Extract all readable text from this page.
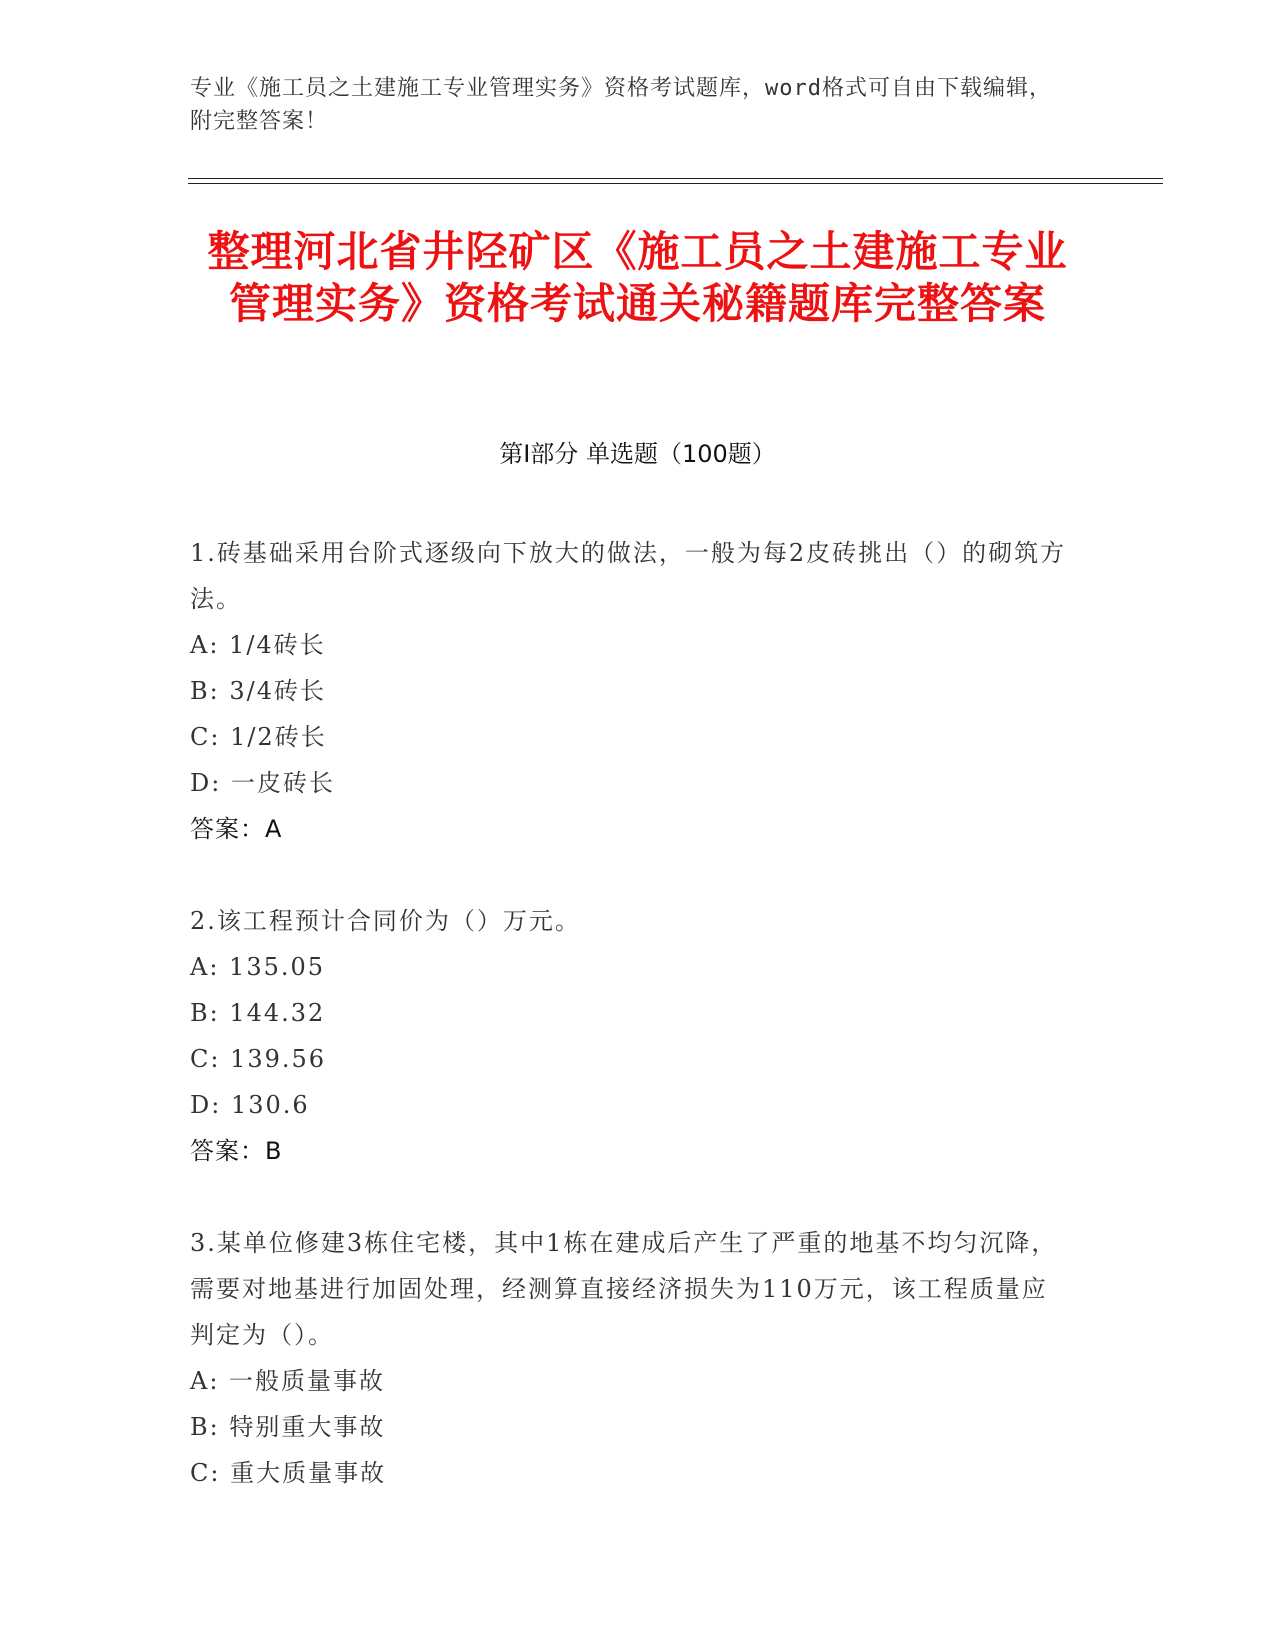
专业《施工员之土建施工专业管理实务》资格考试题库，word格式可自由下载编辑，附完整答案！
整理河北省井陉矿区《施工员之土建施工专业管理实务》资格考试通关秘籍题库完整答案
第I部分 单选题（100题）
1.砖基础采用台阶式逐级向下放大的做法，一般为每2皮砖挑出（）的砌筑方法。
A: 1/4砖长
B: 3/4砖长
C: 1/2砖长
D: 一皮砖长
答案：A
2.该工程预计合同价为（）万元。
A: 135.05
B: 144.32
C: 139.56
D: 130.6
答案：B
3.某单位修建3栋住宅楼，其中1栋在建成后产生了严重的地基不均匀沉降，需要对地基进行加固处理，经测算直接经济损失为110万元，该工程质量应判定为（）。
A: 一般质量事故
B: 特别重大事故
C: 重大质量事故
